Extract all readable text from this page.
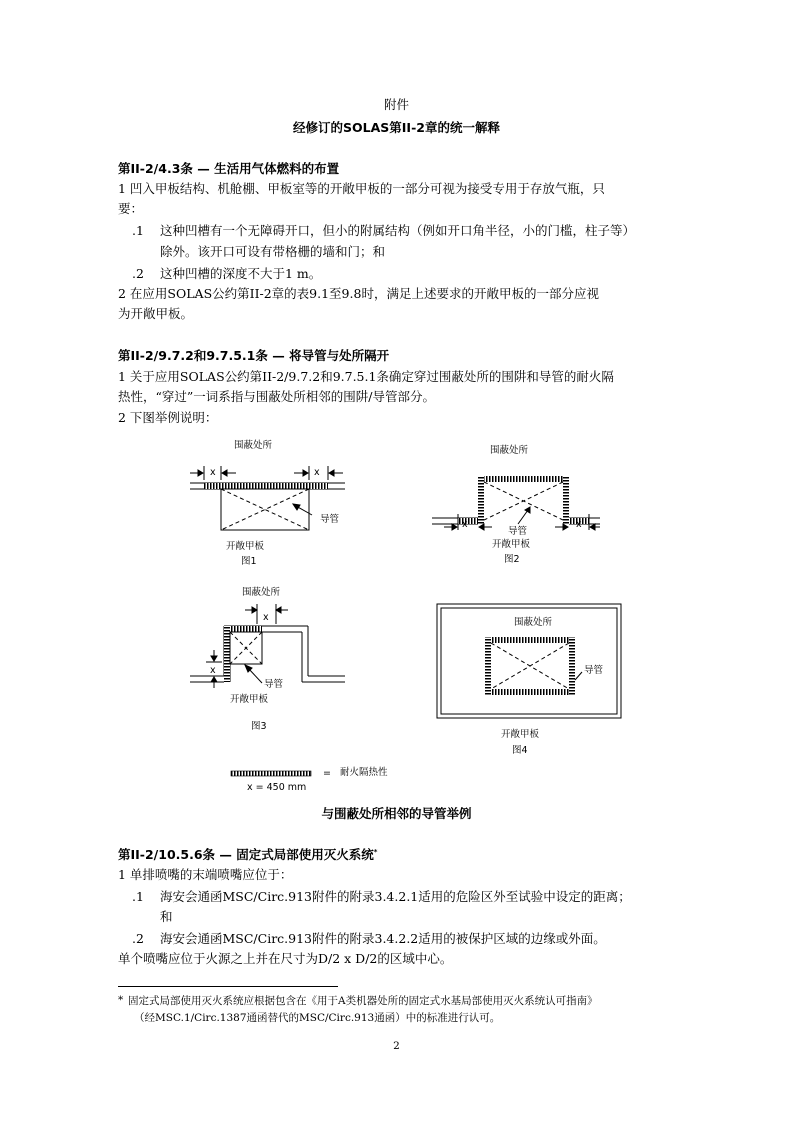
附件
经修订的SOLAS第II-2章的统一解释
第II-2/4.3条 — 生活用气体燃料的布置
1 凹入甲板结构、机舱棚、甲板室等的开敞甲板的一部分可视为接受专用于存放气瓶，只
要：
.1 这种凹槽有一个无障碍开口，但小的附属结构（例如开口角半径，小的门槛，柱子等）
除外。该开口可设有带格栅的墙和门；和
.2 这种凹槽的深度不大于1 m。
2 在应用SOLAS公约第II-2章的表9.1至9.8时，满足上述要求的开敞甲板的一部分应视
为开敞甲板。
第II-2/9.7.2和9.7.5.1条 — 将导管与处所隔开
1 关于应用SOLAS公约第II-2/9.7.2和9.7.5.1条确定穿过围蔽处所的围阱和导管的耐火隔
热性，“穿过”一词系指与围蔽处所相邻的围阱/导管部分。
2 下图举例说明：
围蔽处所
x	x
导管
开敞甲板
图1
围蔽处所
x	x
导管
开敞甲板
图2
围蔽处所
x
x
导管
开敞甲板
图3
围蔽处所
导管
开敞甲板
图4
= 耐火隔热性
x = 450 mm
与围蔽处所相邻的导管举例
第II-2/10.5.6条 — 固定式局部使用灭火系统*
1 单排喷嘴的末端喷嘴应位于：
.1 海安会通函MSC/Circ.913附件的附录3.4.2.1适用的危险区外至试验中设定的距离；
和
.2 海安会通函MSC/Circ.913附件的附录3.4.2.2适用的被保护区域的边缘或外面。
单个喷嘴应位于火源之上并在尺寸为D/2 x D/2的区域中心。
* 固定式局部使用灭火系统应根据包含在《用于A类机器处所的固定式水基局部使用灭火系统认可指南》
（经MSC.1/Circ.1387通函替代的MSC/Circ.913通函）中的标准进行认可。
2
